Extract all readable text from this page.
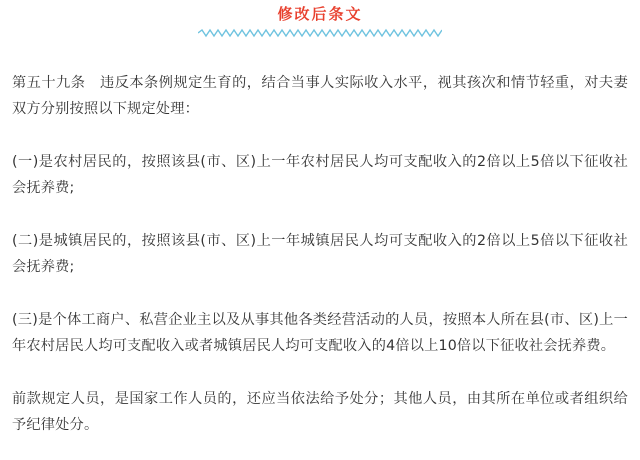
修改后条文

第五十九条　违反本条例规定生育的，结合当事人实际收入水平，视其孩次和情节轻重，对夫妻双方分别按照以下规定处理：

(一)是农村居民的，按照该县(市、区)上一年农村居民人均可支配收入的2倍以上5倍以下征收社会抚养费;

(二)是城镇居民的，按照该县(市、区)上一年城镇居民人均可支配收入的2倍以上5倍以下征收社会抚养费;

(三)是个体工商户、私营企业主以及从事其他各类经营活动的人员，按照本人所在县(市、区)上一年农村居民人均可支配收入或者城镇居民人均可支配收入的4倍以上10倍以下征收社会抚养费。

前款规定人员，是国家工作人员的，还应当依法给予处分；其他人员，由其所在单位或者组织给予纪律处分。
